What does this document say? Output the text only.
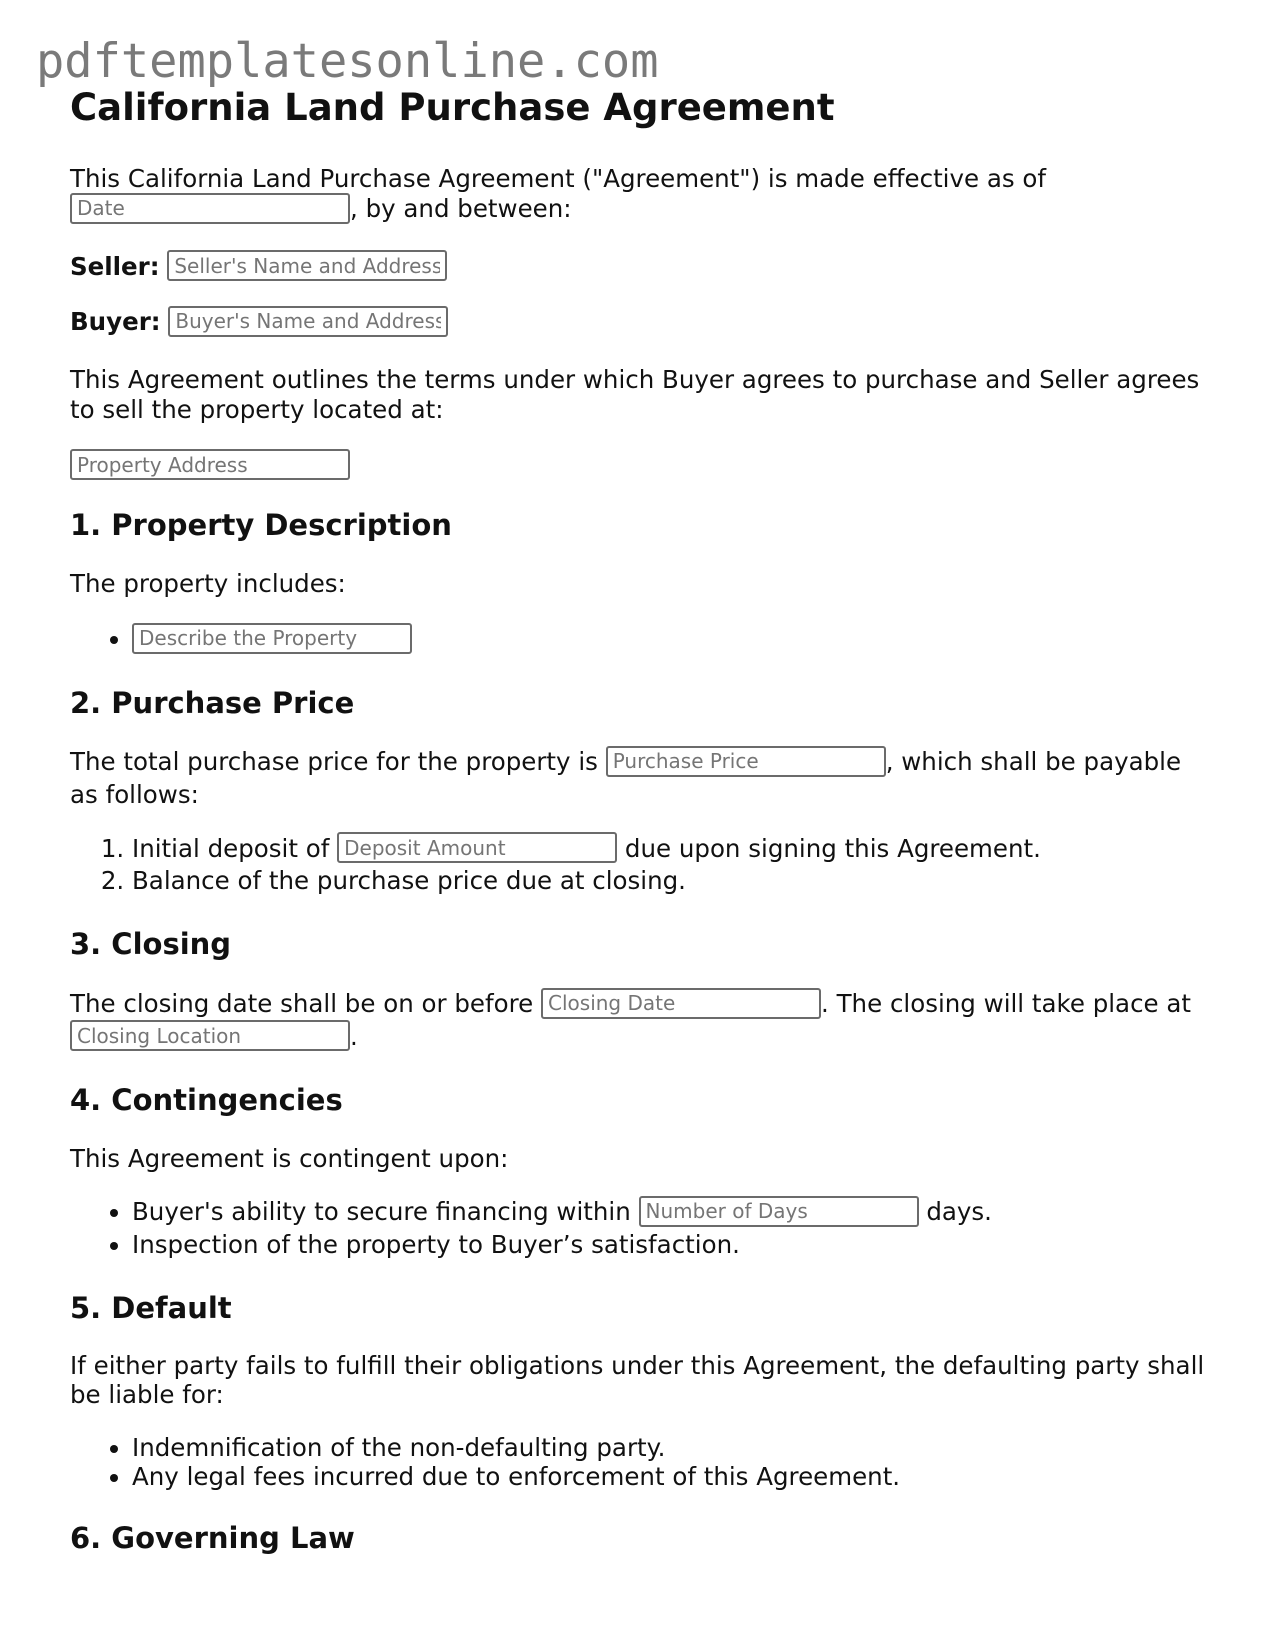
pdftemplatesonline.com
California Land Purchase Agreement

This California Land Purchase Agreement ("Agreement") is made effective as of
Date, by and between:

Seller: Seller's Name and Address

Buyer: Buyer's Name and Address

This Agreement outlines the terms under which Buyer agrees to purchase and Seller agrees to sell the property located at:

Property Address

1. Property Description

The property includes:

• Describe the Property
2. Purchase Price

The total purchase price for the property is Purchase Price	, which shall be payable as follows:

1. Initial deposit of Deposit Amount	due upon signing this Agreement.
2. Balance of the purchase price due at closing.
3. Closing

The closing date shall be on or before Closing Date	. The closing will take place at
Closing Location.

4. Contingencies

This Agreement is contingent upon:

• Buyer's ability to secure financing within Number of Days	days.
• Inspection of the property to Buyer’s satisfaction.
5. Default

If either party fails to fulfill their obligations under this Agreement, the defaulting party shall be liable for:

• Indemnification of the non-defaulting party.
• Any legal fees incurred due to enforcement of this Agreement.
6. Governing Law
